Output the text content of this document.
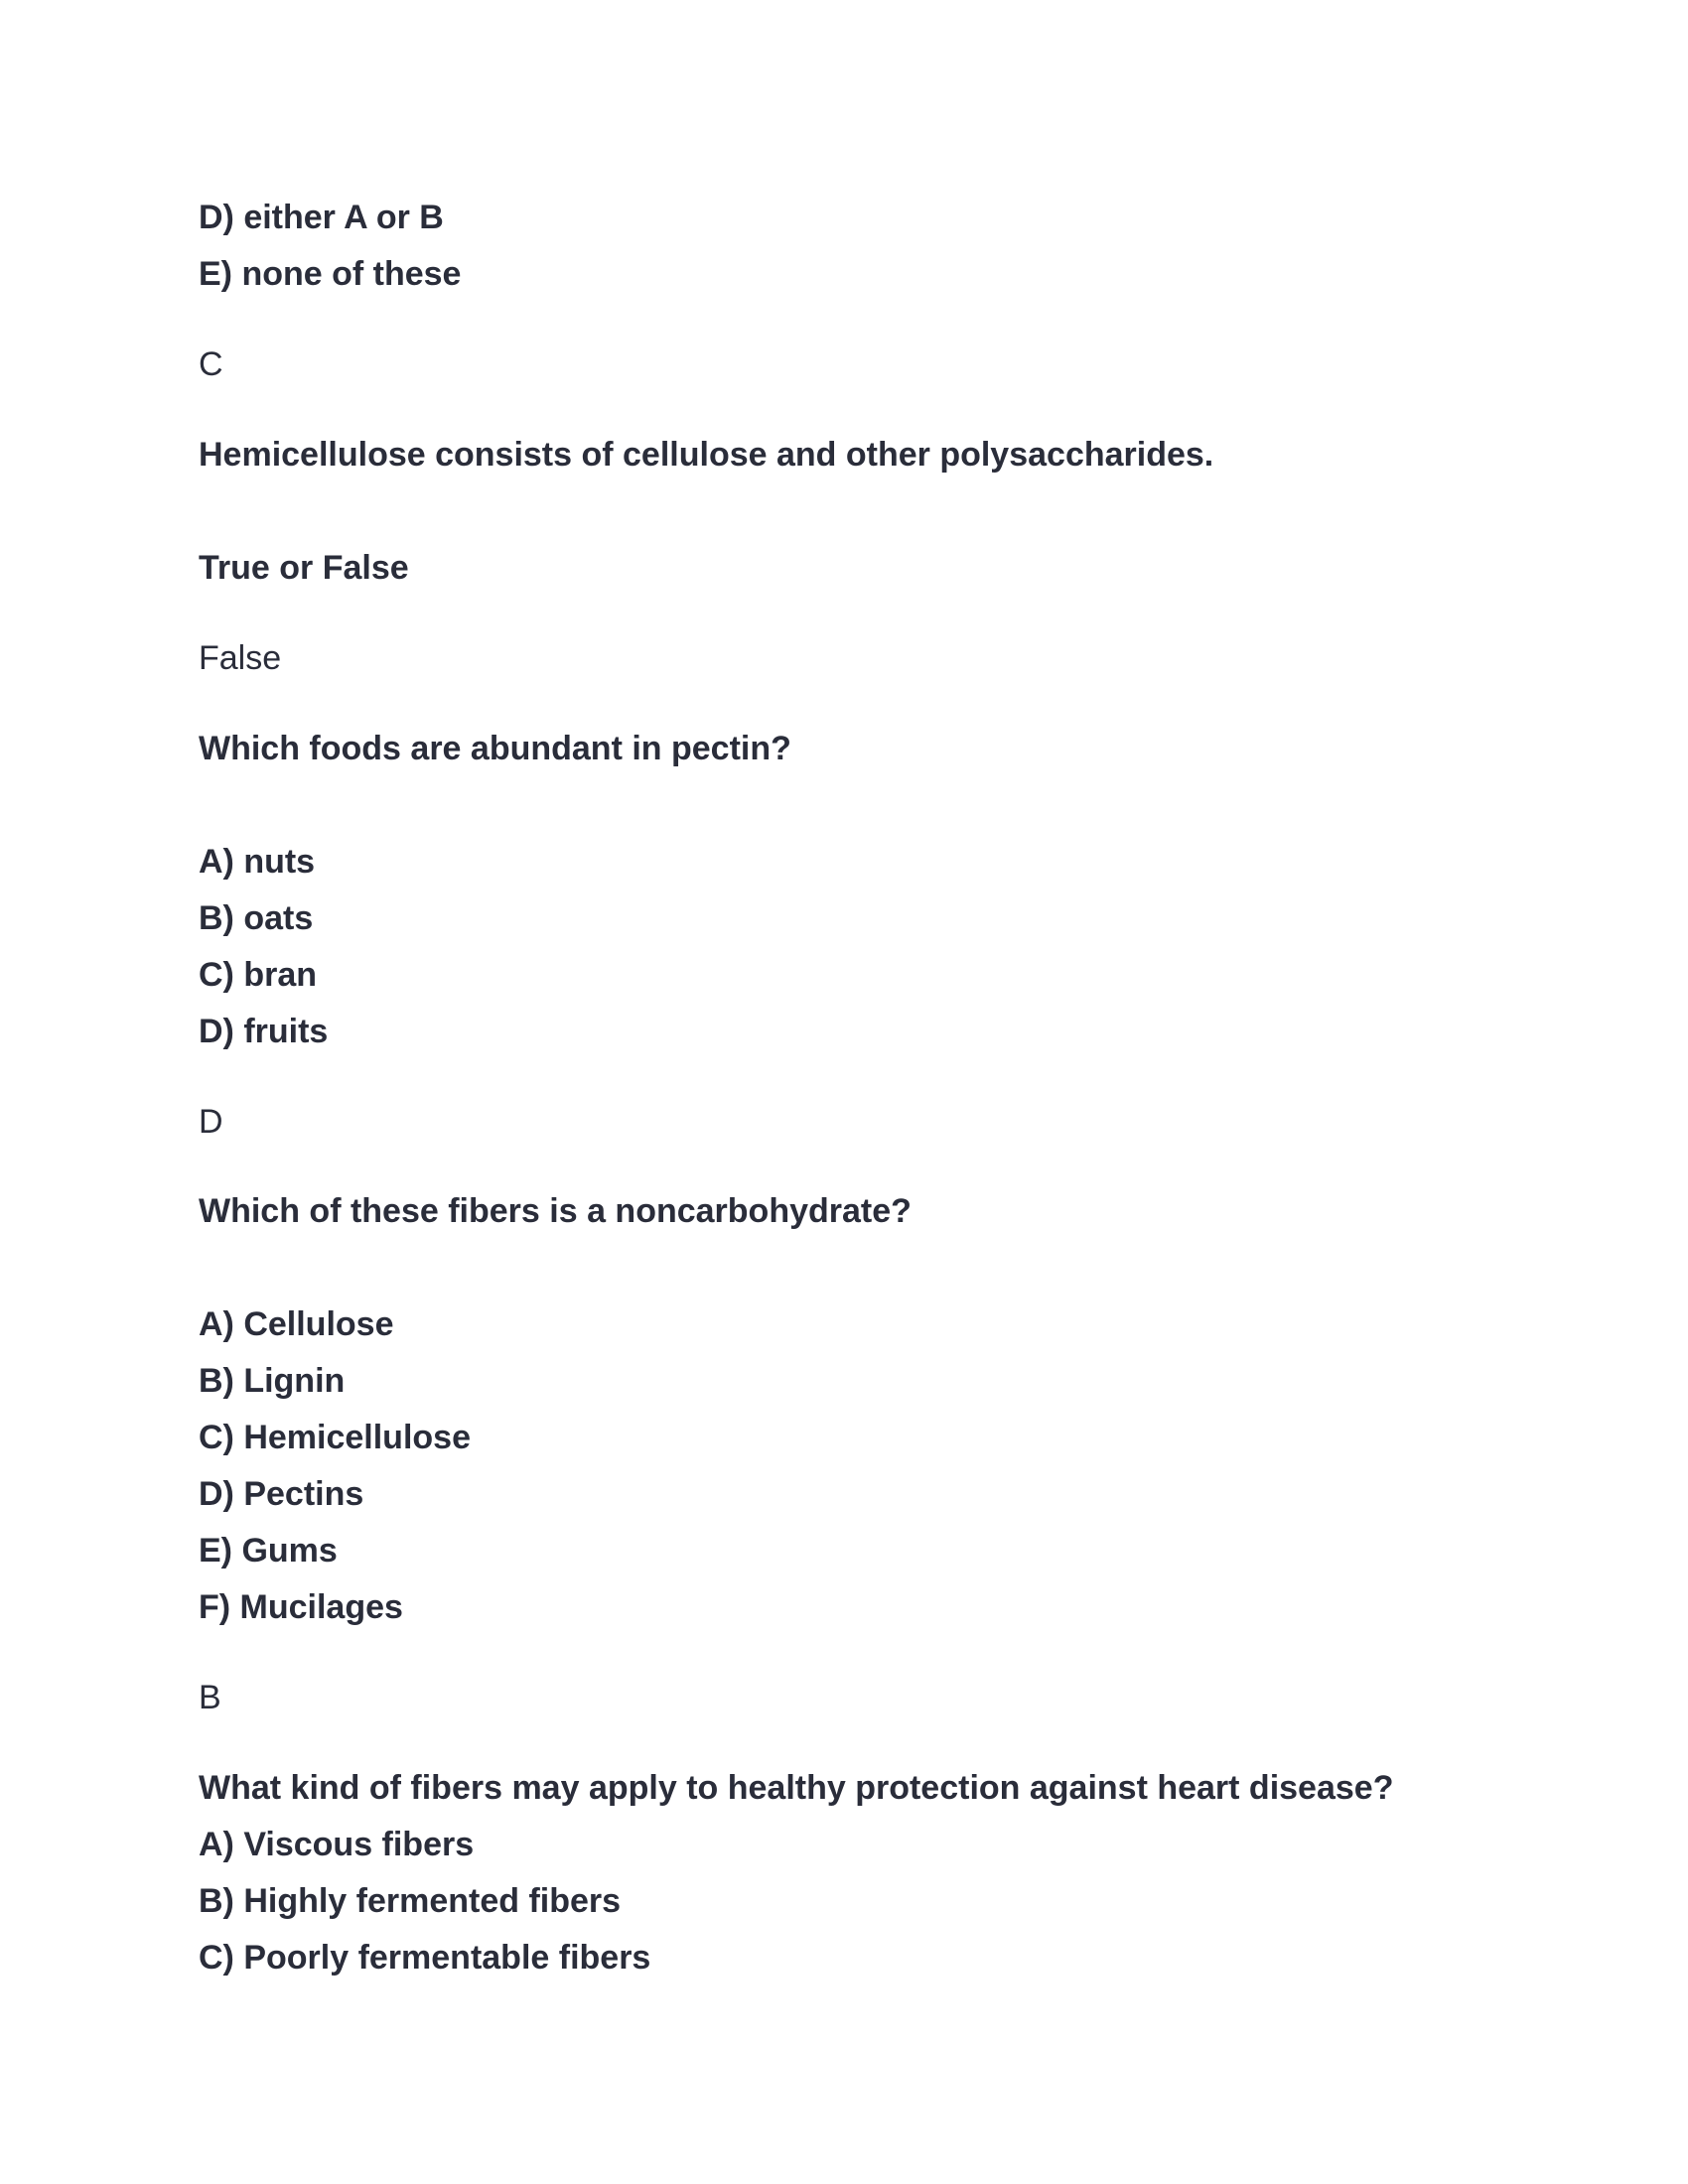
D) either A or B
E) none of these
C
Hemicellulose consists of cellulose and other polysaccharides.
True or False
False
Which foods are abundant in pectin?
A) nuts
B) oats
C) bran
D) fruits
D
Which of these fibers is a noncarbohydrate?
A) Cellulose
B) Lignin
C) Hemicellulose
D) Pectins
E) Gums
F) Mucilages
B
What kind of fibers may apply to healthy protection against heart disease?
A) Viscous fibers
B) Highly fermented fibers
C) Poorly fermentable fibers
